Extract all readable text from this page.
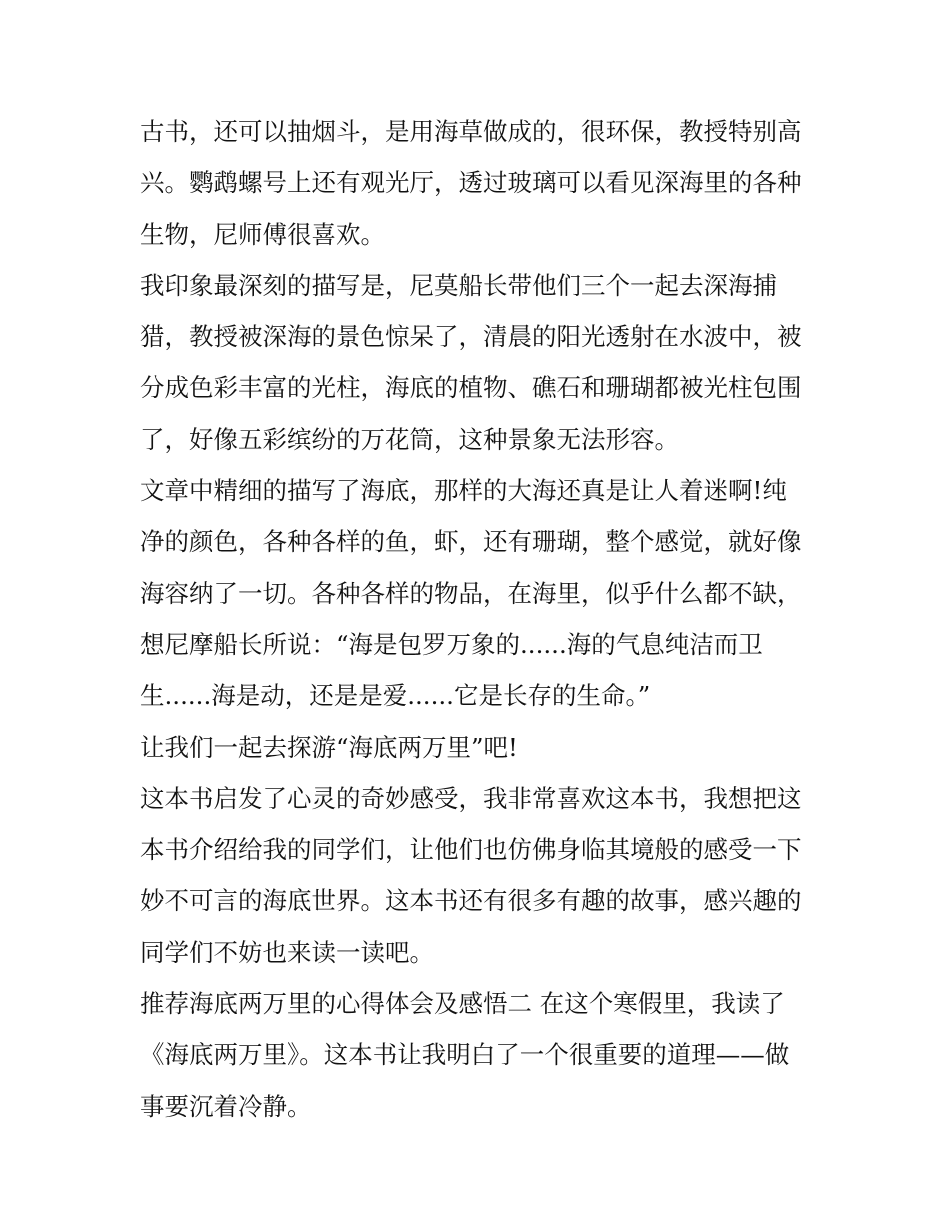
古书，还可以抽烟斗，是用海草做成的，很环保，教授特别高
兴。鹦鹉螺号上还有观光厅，透过玻璃可以看见深海里的各种
生物，尼师傅很喜欢。

我印象最深刻的描写是，尼莫船长带他们三个一起去深海捕
猎，教授被深海的景色惊呆了，清晨的阳光透射在水波中，被
分成色彩丰富的光柱，海底的植物、礁石和珊瑚都被光柱包围
了，好像五彩缤纷的万花筒，这种景象无法形容。

文章中精细的描写了海底，那样的大海还真是让人着迷啊!纯
净的颜色，各种各样的鱼，虾，还有珊瑚，整个感觉，就好像
海容纳了一切。各种各样的物品，在海里，似乎什么都不缺，
想尼摩船长所说：“海是包罗万象的......海的气息纯洁而卫
生......海是动，还是是爱......它是长存的生命。”

让我们一起去探游“海底两万里”吧!

这本书启发了心灵的奇妙感受，我非常喜欢这本书，我想把这
本书介绍给我的同学们，让他们也仿佛身临其境般的感受一下
妙不可言的海底世界。这本书还有很多有趣的故事，感兴趣的
同学们不妨也来读一读吧。

推荐海底两万里的心得体会及感悟二 在这个寒假里，我读了
《海底两万里》。这本书让我明白了一个很重要的道理——做
事要沉着冷静。
